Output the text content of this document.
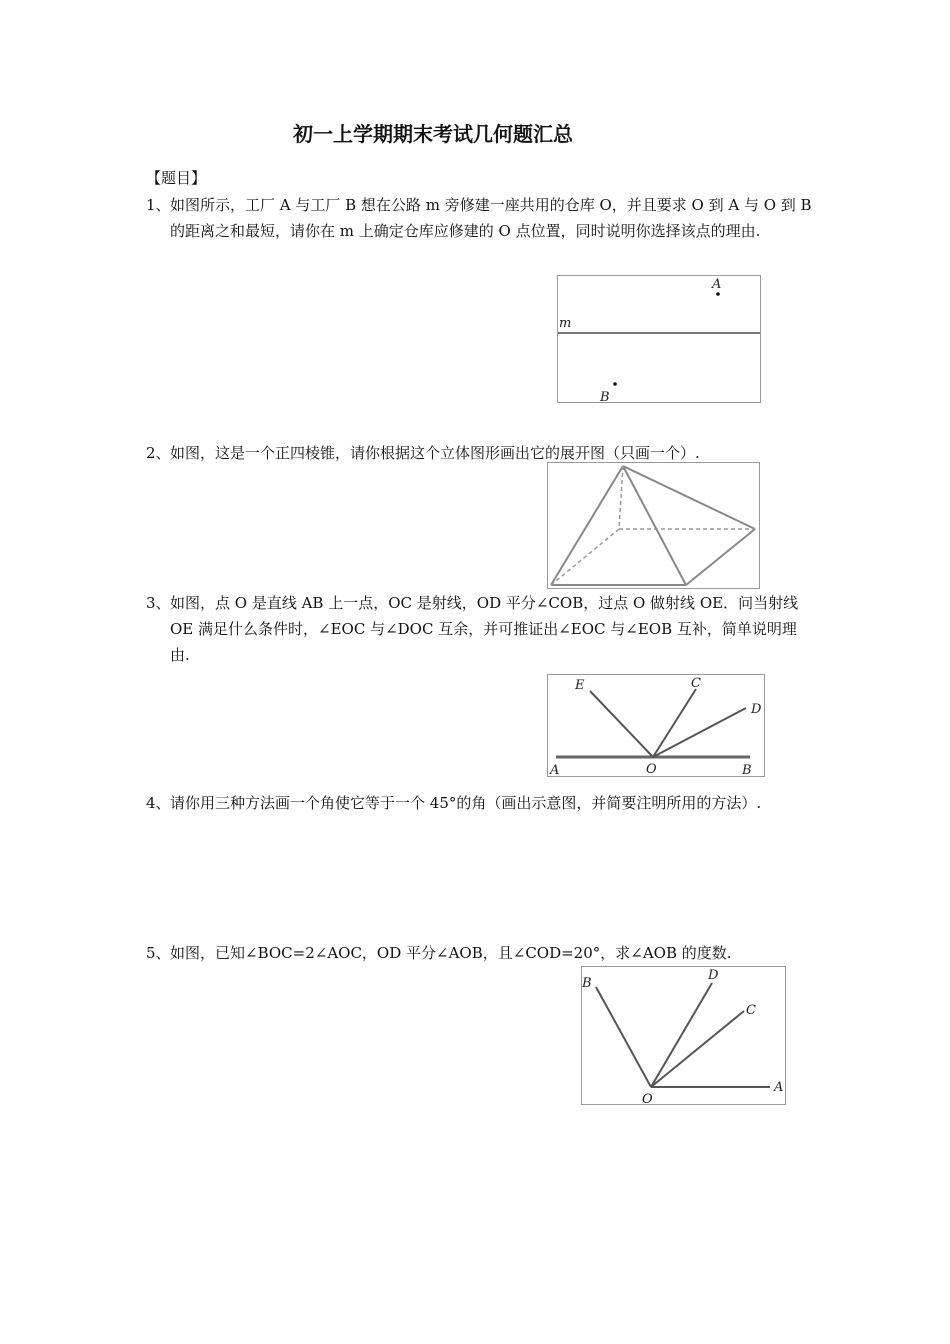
初一上学期期末考试几何题汇总
【题目】
1、 如图所示，工厂 A 与工厂 B 想在公路 m 旁修建一座共用的仓库 O，并且要求 O 到 A 与 O 到 B 的距离之和最短，请你在 m 上确定仓库应修建的 O 点位置，同时说明你选择该点的理由.
A
m
B
2、 如图，这是一个正四棱锥，请你根据这个立体图形画出它的展开图（只画一个）.
3、 如图，点 O 是直线 AB 上一点，OC 是射线，OD 平分∠COB，过点 O 做射线 OE．问当射线 OE 满足什么条件时，∠EOC 与∠DOC 互余，并可推证出∠EOC 与∠EOB 互补，简单说明理由.
E	C
D
A	O	B
4、 请你用三种方法画一个角使它等于一个 45°的角（画出示意图，并简要注明所用的方法）.
5、 如图，已知∠BOC=2∠AOC，OD 平分∠AOB，且∠COD=20°，求∠AOB 的度数.
B
D
C
O
A
